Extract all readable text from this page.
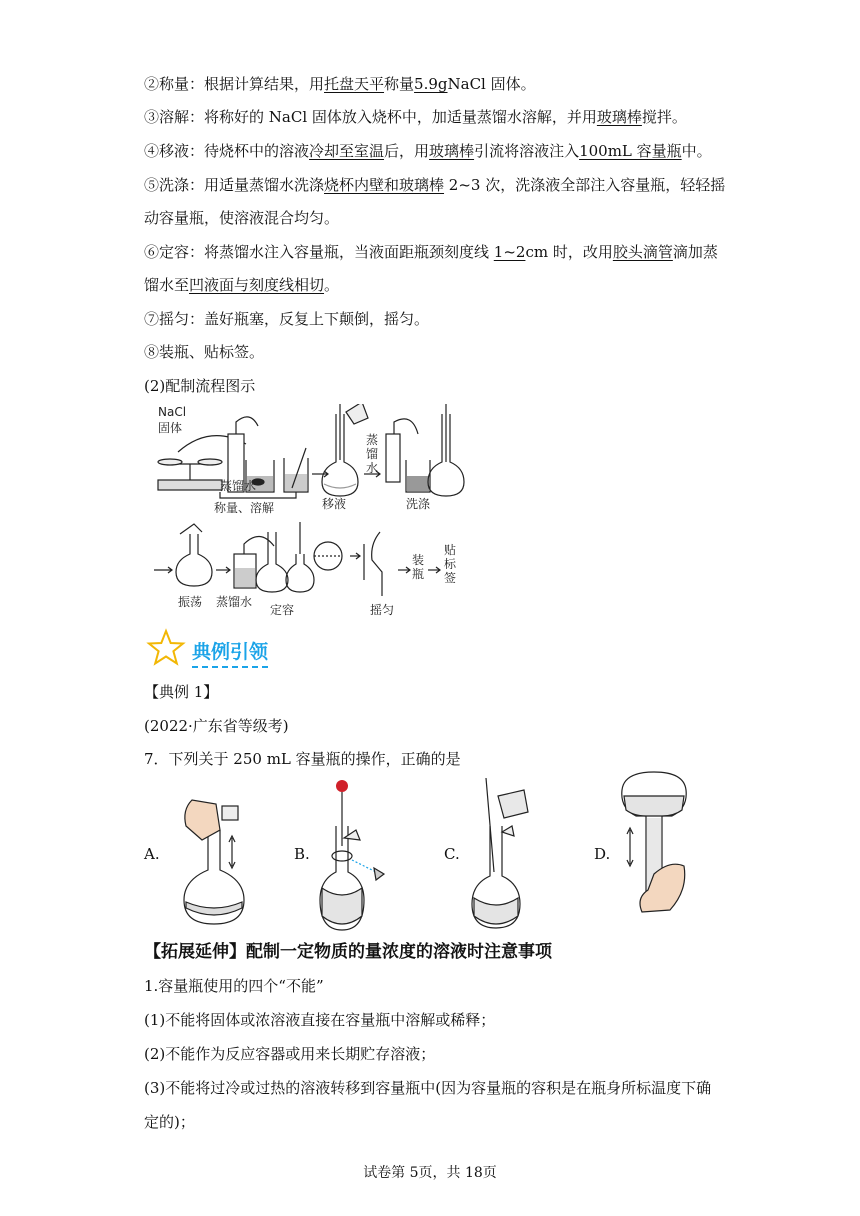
②称量：根据计算结果，用托盘天平称量5.9gNaCl 固体。
③溶解：将称好的 NaCl 固体放入烧杯中，加适量蒸馏水溶解，并用玻璃棒搅拌。
④移液：待烧杯中的溶液冷却至室温后，用玻璃棒引流将溶液注入100mL 容量瓶中。
⑤洗涤：用适量蒸馏水洗涤烧杯内壁和玻璃棒 2~3 次，洗涤液全部注入容量瓶，轻轻摇
动容量瓶，使溶液混合均匀。
⑥定容：将蒸馏水注入容量瓶，当液面距瓶颈刻度线 1~2cm 时，改用胶头滴管滴加蒸
馏水至凹液面与刻度线相切。
⑦摇匀：盖好瓶塞，反复上下颠倒，摇匀。
⑧装瓶、贴标签。
(2)配制流程图示
NaCl
固体
蒸馏水
称量、溶解	移液
蒸
馏
水
洗涤
振荡 蒸馏水
定容	摇匀
装
瓶
贴
标
签
典例引领
【典例 1】
(2022·广东省等级考)
7．下列关于 250 mL 容量瓶的操作，正确的是
A.	B.	C.	D.
【拓展延伸】配制一定物质的量浓度的溶液时注意事项
1.容量瓶使用的四个“不能”
(1)不能将固体或浓溶液直接在容量瓶中溶解或稀释；
(2)不能作为反应容器或用来长期贮存溶液；
(3)不能将过冷或过热的溶液转移到容量瓶中(因为容量瓶的容积是在瓶身所标温度下确
定的)；
试卷第 5页，共 18页
